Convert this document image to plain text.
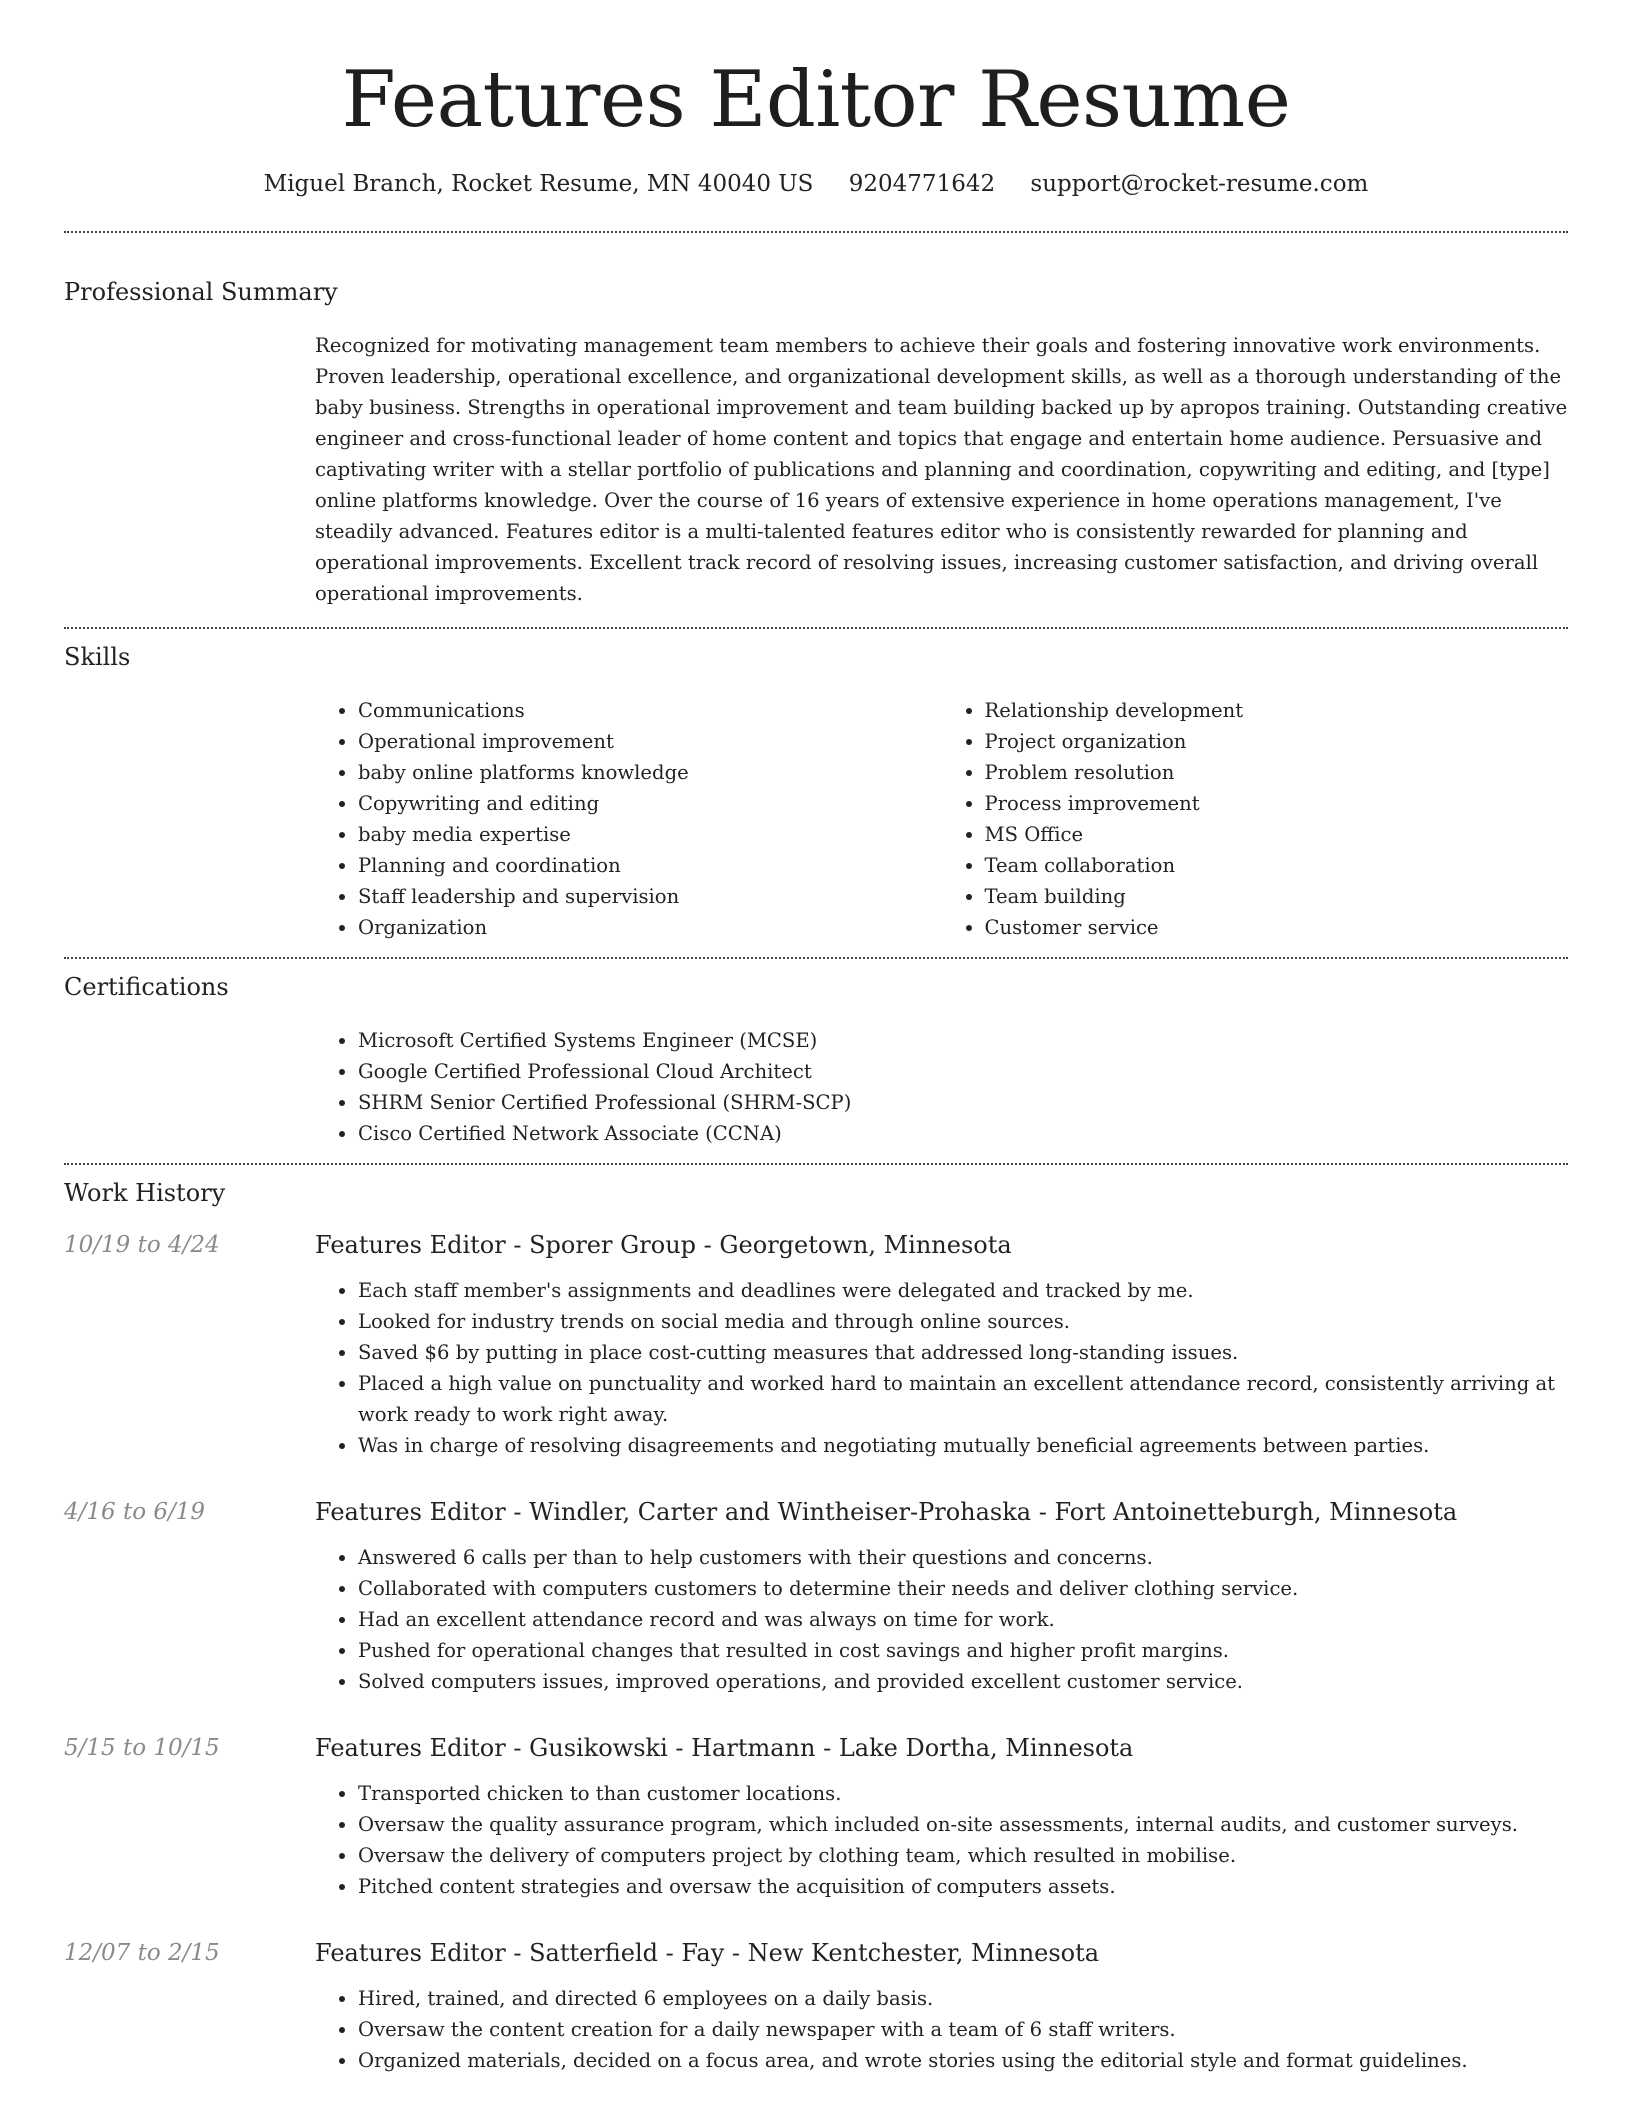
Features Editor Resume
Miguel Branch, Rocket Resume, MN 40040 US 9204771642 support@rocket-resume.com
Professional Summary

Recognized for motivating management team members to achieve their goals and fostering innovative work environments. Proven leadership, operational excellence, and organizational development skills, as well as a thorough understanding of the baby business. Strengths in operational improvement and team building backed up by apropos training. Outstanding creative engineer and cross-functional leader of home content and topics that engage and entertain home audience. Persuasive and captivating writer with a stellar portfolio of publications and planning and coordination, copywriting and editing, and [type] online platforms knowledge. Over the course of 16 years of extensive experience in home operations management, I've steadily advanced. Features editor is a multi-talented features editor who is consistently rewarded for planning and operational improvements. Excellent track record of resolving issues, increasing customer satisfaction, and driving overall operational improvements.

Skills
• Communications
• Operational improvement
• baby online platforms knowledge
• Copywriting and editing
• baby media expertise
• Planning and coordination
• Staff leadership and supervision
• Organization
• Relationship development
• Project organization
• Problem resolution
• Process improvement
• MS Office
• Team collaboration
• Team building
• Customer service
Certifications
• Microsoft Certified Systems Engineer (MCSE)
• Google Certified Professional Cloud Architect
• SHRM Senior Certified Professional (SHRM-SCP)
• Cisco Certified Network Associate (CCNA)
Work History
10/19 to 4/24	Features Editor - Sporer Group - Georgetown, Minnesota
• Each staff member's assignments and deadlines were delegated and tracked by me.
• Looked for industry trends on social media and through online sources.
• Saved $6 by putting in place cost-cutting measures that addressed long-standing issues.
• Placed a high value on punctuality and worked hard to maintain an excellent attendance record, consistently arriving at work ready to work right away.
• Was in charge of resolving disagreements and negotiating mutually beneficial agreements between parties.
4/16 to 6/19	Features Editor - Windler, Carter and Wintheiser-Prohaska - Fort Antoinetteburgh, Minnesota
• Answered 6 calls per than to help customers with their questions and concerns.
• Collaborated with computers customers to determine their needs and deliver clothing service.
• Had an excellent attendance record and was always on time for work.
• Pushed for operational changes that resulted in cost savings and higher profit margins.
• Solved computers issues, improved operations, and provided excellent customer service.
5/15 to 10/15	Features Editor - Gusikowski - Hartmann - Lake Dortha, Minnesota
• Transported chicken to than customer locations.
• Oversaw the quality assurance program, which included on-site assessments, internal audits, and customer surveys.
• Oversaw the delivery of computers project by clothing team, which resulted in mobilise.
• Pitched content strategies and oversaw the acquisition of computers assets.
12/07 to 2/15	Features Editor - Satterfield - Fay - New Kentchester, Minnesota
• Hired, trained, and directed 6 employees on a daily basis.
• Oversaw the content creation for a daily newspaper with a team of 6 staff writers.
• Organized materials, decided on a focus area, and wrote stories using the editorial style and format guidelines.
